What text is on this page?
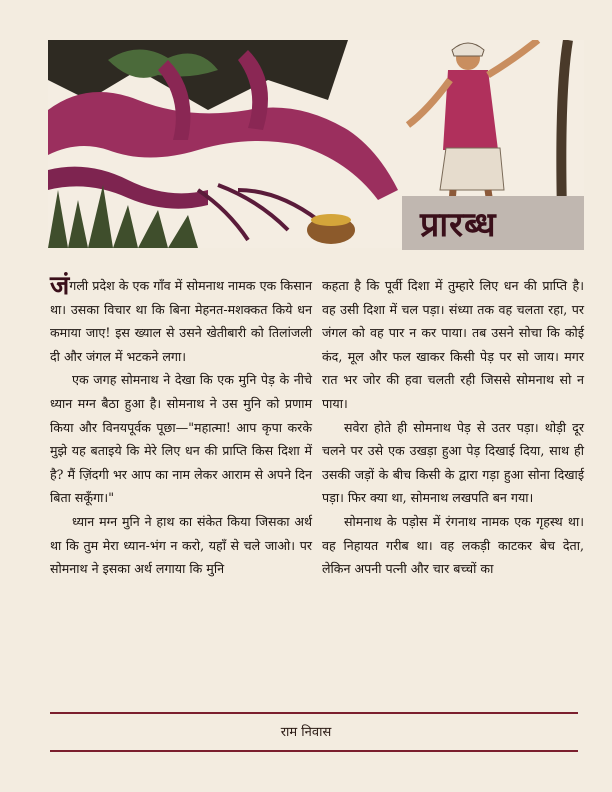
प्रारब्ध

जंगली प्रदेश के एक गाँव में सोमनाथ नामक एक किसान था। उसका विचार था कि बिना मेहनत-मशक्कत किये धन कमाया जाए! इस ख्याल से उसने खेतीबारी को तिलांजली दी और जंगल में भटकने लगा।

एक जगह सोमनाथ ने देखा कि एक मुनि पेड़ के नीचे ध्यान मग्न बैठा हुआ है। सोमनाथ ने उस मुनि को प्रणाम किया और विनयपूर्वक पूछा—"महात्मा! आप कृपा करके मुझे यह बताइये कि मेरे लिए धन की प्राप्ति किस दिशा में है? मैं ज़िंदगी भर आप का नाम लेकर आराम से अपने दिन बिता सकूँगा।"

ध्यान मग्न मुनि ने हाथ का संकेत किया जिसका अर्थ था कि तुम मेरा ध्यान-भंग न करो, यहाँ से चले जाओ। पर सोमनाथ ने इसका अर्थ लगाया कि मुनि

कहता है कि पूर्वी दिशा में तुम्हारे लिए धन की प्राप्ति है। वह उसी दिशा में चल पड़ा। संध्या तक वह चलता रहा, पर जंगल को वह पार न कर पाया। तब उसने सोचा कि कोई कंद, मूल और फल खाकर किसी पेड़ पर सो जाय। मगर रात भर जोर की हवा चलती रही जिससे सोमनाथ सो न पाया।

सवेरा होते ही सोमनाथ पेड़ से उतर पड़ा। थोड़ी दूर चलने पर उसे एक उखड़ा हुआ पेड़ दिखाई दिया, साथ ही उसकी जड़ों के बीच किसी के द्वारा गड़ा हुआ सोना दिखाई पड़ा। फिर क्या था, सोमनाथ लखपति बन गया।

सोमनाथ के पड़ोस में रंगनाथ नामक एक गृहस्थ था। वह निहायत गरीब था। वह लकड़ी काटकर बेच देता, लेकिन अपनी पत्नी और चार बच्चों का

राम निवास
